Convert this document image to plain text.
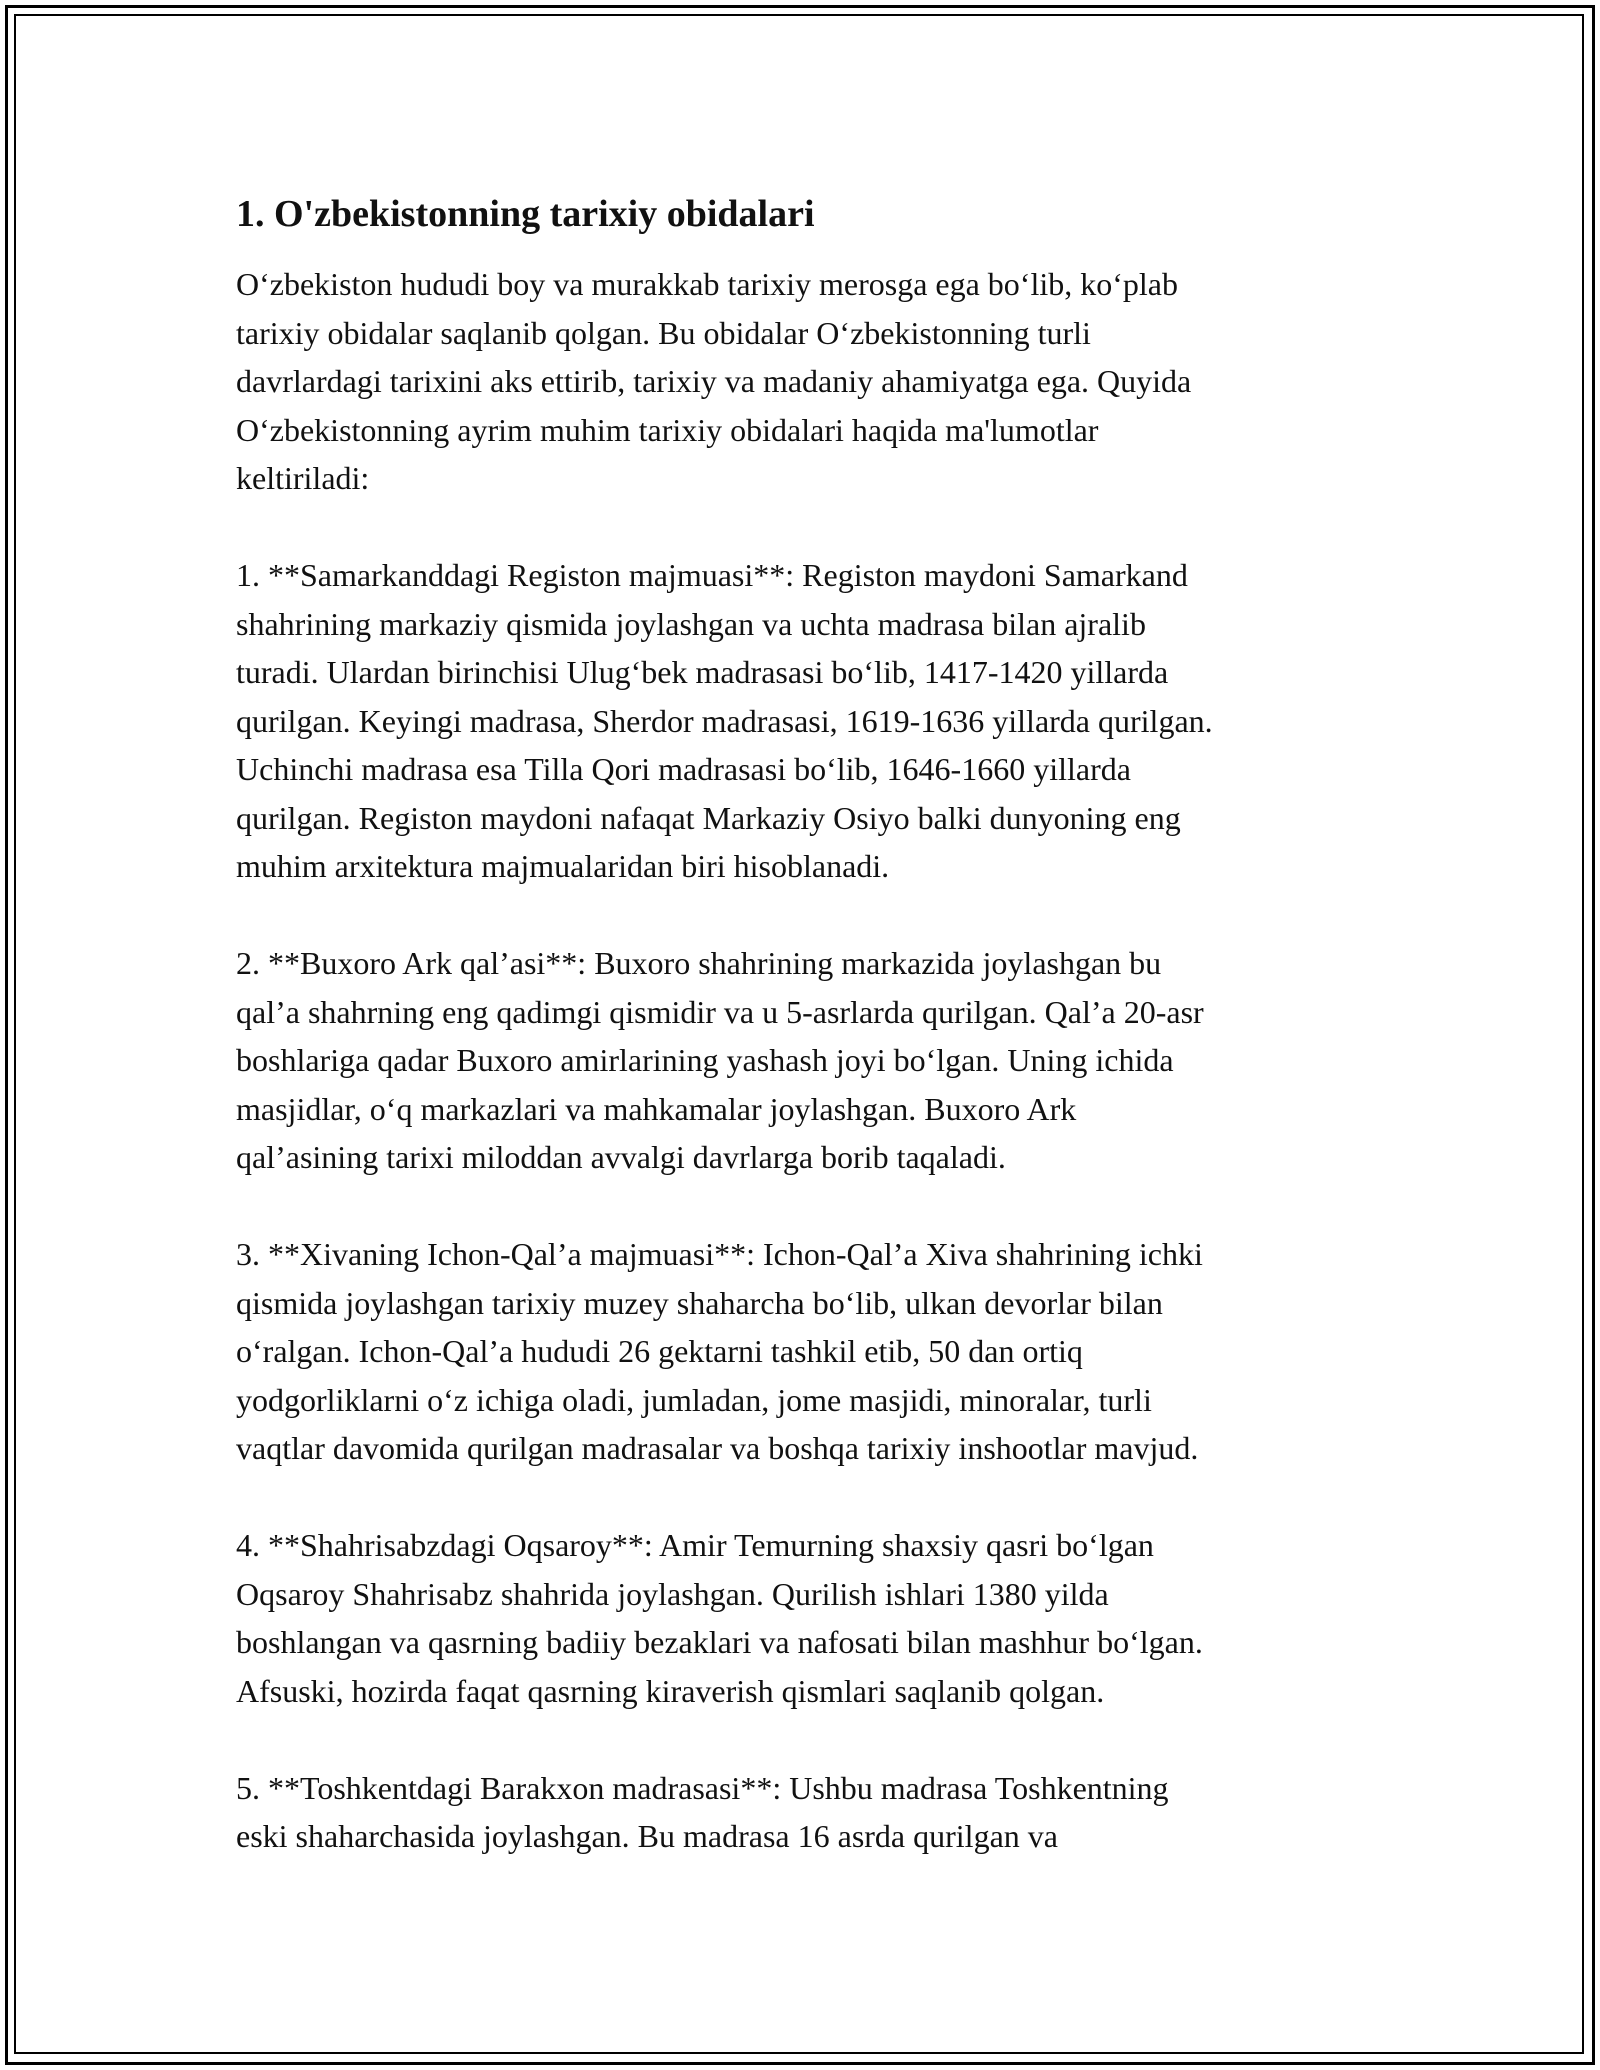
1. O'zbekistonning tarixiy obidalari

O‘zbekiston hududi boy va murakkab tarixiy merosga ega bo‘lib, ko‘plab
tarixiy obidalar saqlanib qolgan. Bu obidalar O‘zbekistonning turli
davrlardagi tarixini aks ettirib, tarixiy va madaniy ahamiyatga ega. Quyida
O‘zbekistonning ayrim muhim tarixiy obidalari haqida ma'lumotlar
keltiriladi:

1. **Samarkanddagi Registon majmuasi**: Registon maydoni Samarkand
shahrining markaziy qismida joylashgan va uchta madrasa bilan ajralib
turadi. Ulardan birinchisi Ulug‘bek madrasasi bo‘lib, 1417-1420 yillarda
qurilgan. Keyingi madrasa, Sherdor madrasasi, 1619-1636 yillarda qurilgan.
Uchinchi madrasa esa Tilla Qori madrasasi bo‘lib, 1646-1660 yillarda
qurilgan. Registon maydoni nafaqat Markaziy Osiyo balki dunyoning eng
muhim arxitektura majmualaridan biri hisoblanadi.

2. **Buxoro Ark qal’asi**: Buxoro shahrining markazida joylashgan bu
qal’a shahrning eng qadimgi qismidir va u 5-asrlarda qurilgan. Qal’a 20-asr
boshlariga qadar Buxoro amirlarining yashash joyi bo‘lgan. Uning ichida
masjidlar, o‘q markazlari va mahkamalar joylashgan. Buxoro Ark
qal’asining tarixi miloddan avvalgi davrlarga borib taqaladi.

3. **Xivaning Ichon-Qal’a majmuasi**: Ichon-Qal’a Xiva shahrining ichki
qismida joylashgan tarixiy muzey shaharcha bo‘lib, ulkan devorlar bilan
o‘ralgan. Ichon-Qal’a hududi 26 gektarni tashkil etib, 50 dan ortiq
yodgorliklarni o‘z ichiga oladi, jumladan, jome masjidi, minoralar, turli
vaqtlar davomida qurilgan madrasalar va boshqa tarixiy inshootlar mavjud.

4. **Shahrisabzdagi Oqsaroy**: Amir Temurning shaxsiy qasri bo‘lgan
Oqsaroy Shahrisabz shahrida joylashgan. Qurilish ishlari 1380 yilda
boshlangan va qasrning badiiy bezaklari va nafosati bilan mashhur bo‘lgan.
Afsuski, hozirda faqat qasrning kiraverish qismlari saqlanib qolgan.

5. **Toshkentdagi Barakxon madrasasi**: Ushbu madrasa Toshkentning
eski shaharchasida joylashgan. Bu madrasa 16 asrda qurilgan va
